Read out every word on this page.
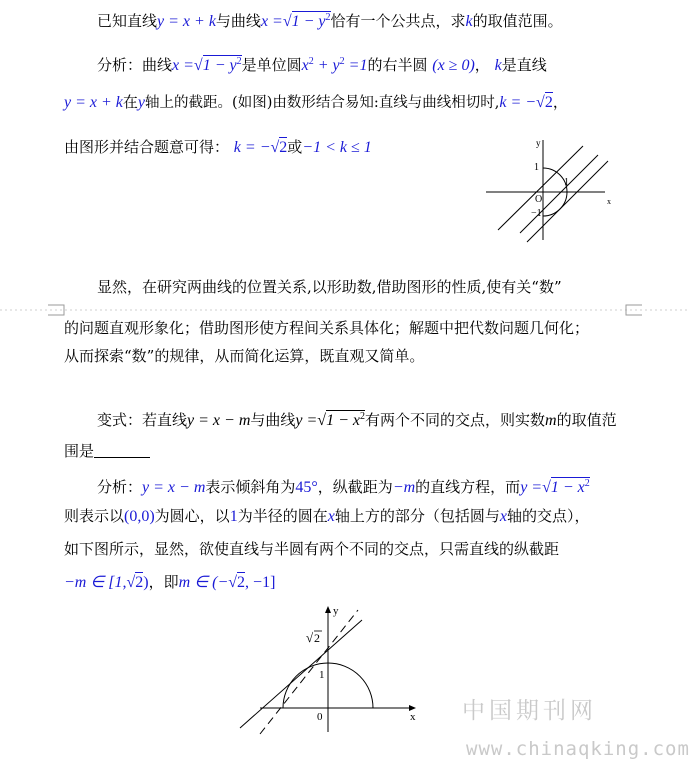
已知直线y = x + k与曲线$x =√1 - y^2$恰有一个公共点，求k的取值范围。
分析：曲线$x =√1 - y^2$是单位圆$x^2 + y^2 =1$的右半圆 (x ≥ 0)， k是直线
y = x + k在y轴上的截距。(如图)由数形结合易知:直线与曲线相切时,k = −√2，
由图形并结合题意可得： k = −√2或−1 < k ≤ 1	y
x
1
1
O
−1
显然，在研究两曲线的位置关系,以形助数,借助图形的性质,使有关“数”
的问题直观形象化；借助图形使方程间关系具体化；解题中把代数问题几何化；
从而探索“数”的规律，从而简化运算，既直观又简单。
变式：若直线y = x − m与曲线$y =√1 - x^2$有两个不同的交点，则实数m的取值范
围是
分析：y = x − m表示倾斜角为45°，纵截距为−m的直线方程，而$y =√1 - x^2$
则表示以(0,0)为圆心，以1为半径的圆在x轴上方的部分（包括圆与x轴的交点），
如下图所示，显然，欲使直线与半圆有两个不同的交点，只需直线的纵截距
−m ∈ [1,√2)，即m ∈ (−√2, −1]
y
x
√ 2
1
0	中国期刊网
www.chinaqking.com
